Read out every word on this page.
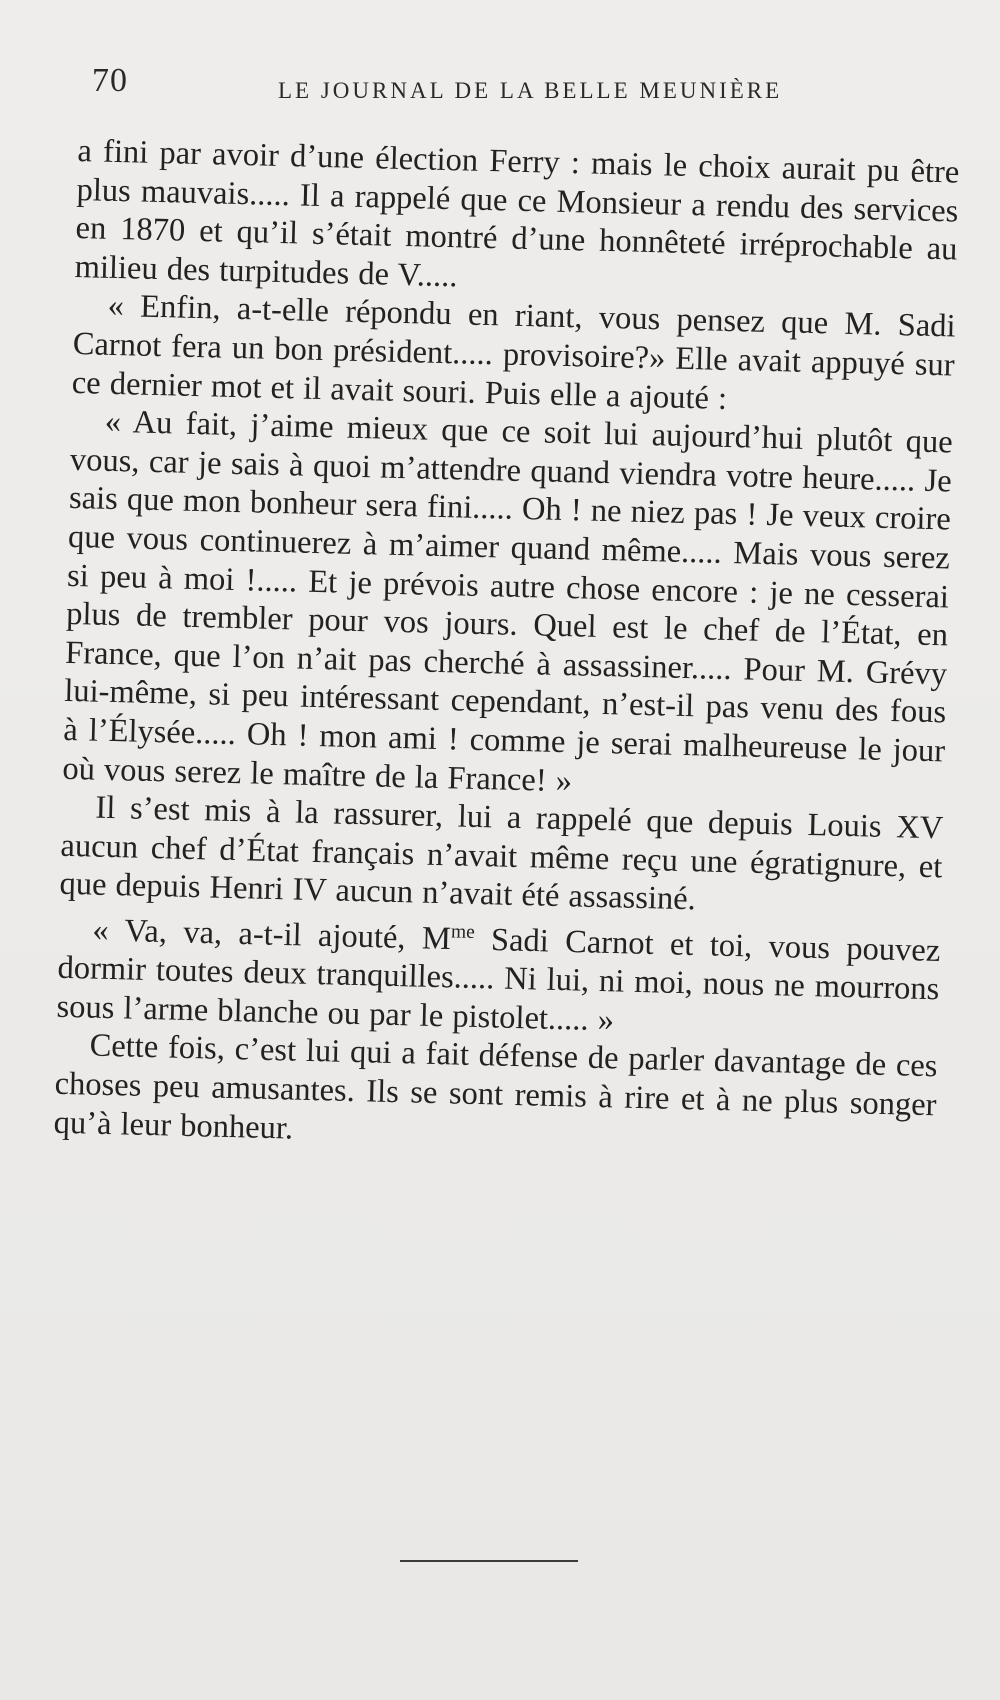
70	LE JOURNAL DE LA BELLE MEUNIÈRE

a fini par avoir d’une élection Ferry : mais le choix aurait pu être plus mauvais..... Il a rappelé que ce Monsieur a rendu des services en 1870 et qu’il s’était montré d’une honnêteté irréprochable au milieu des turpitudes de V.....

« Enfin, a-t-elle répondu en riant, vous pensez que M. Sadi Carnot fera un bon président..... provisoire?» Elle avait appuyé sur ce dernier mot et il avait souri. Puis elle a ajouté :

« Au fait, j’aime mieux que ce soit lui aujourd’hui plutôt que vous, car je sais à quoi m’attendre quand viendra votre heure..... Je sais que mon bonheur sera fini..... Oh ! ne niez pas ! Je veux croire que vous continuerez à m’aimer quand même..... Mais vous serez si peu à moi !..... Et je prévois autre chose encore : je ne cesserai plus de trembler pour vos jours. Quel est le chef de l’État, en France, que l’on n’ait pas cherché à assassiner..... Pour M. Grévy lui-même, si peu intéressant cependant, n’est-il pas venu des fous à l’Élysée..... Oh ! mon ami ! comme je serai malheureuse le jour où vous serez le maître de la France! »

Il s’est mis à la rassurer, lui a rappelé que depuis Louis XV aucun chef d’État français n’avait même reçu une égratignure, et que depuis Henri IV aucun n’avait été assassiné.

« Va, va, a-t-il ajouté, $M^{me}$ Sadi Carnot et toi, vous pouvez dormir toutes deux tranquilles..... Ni lui, ni moi, nous ne mourrons sous l’arme blanche ou par le pistolet..... »

Cette fois, c’est lui qui a fait défense de parler davantage de ces choses peu amusantes. Ils se sont remis à rire et à ne plus songer qu’à leur bonheur.
